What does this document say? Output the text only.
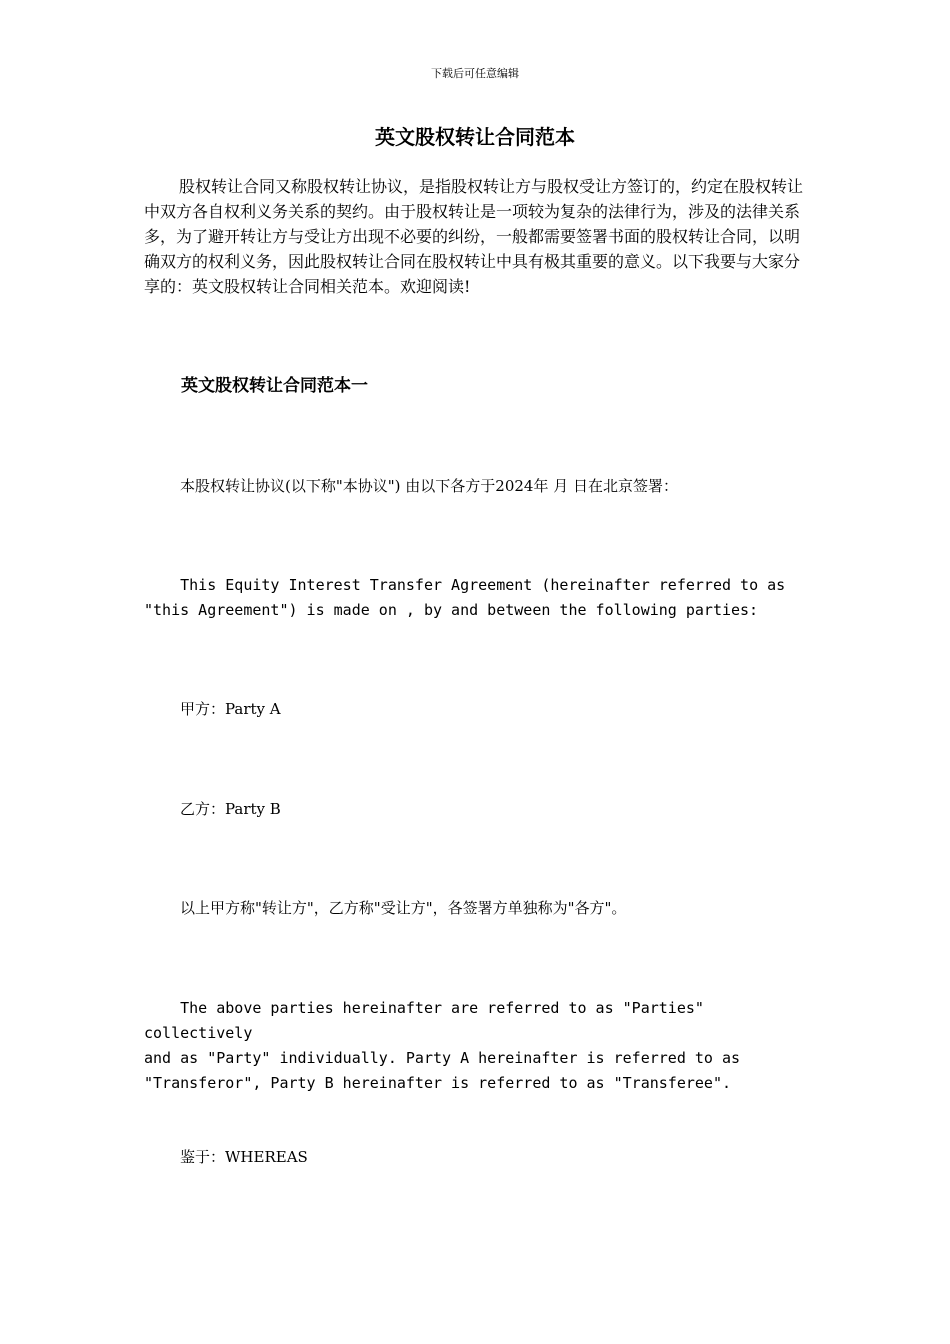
下载后可任意编辑
英文股权转让合同范本

股权转让合同又称股权转让协议，是指股权转让方与股权受让方签订的，约定在股权转让中双方各自权利义务关系的契约。由于股权转让是一项较为复杂的法律行为，涉及的法律关系多，为了避开转让方与受让方出现不必要的纠纷，一般都需要签署书面的股权转让合同，以明确双方的权利义务，因此股权转让合同在股权转让中具有极其重要的意义。以下我要与大家分享的：英文股权转让合同相关范本。欢迎阅读!

英文股权转让合同范本一

本股权转让协议(以下称"本协议") 由以下各方于2024年 月 日在北京签署：

This Equity Interest Transfer Agreement (hereinafter referred to as
"this Agreement") is made on , by and between the following parties:

甲方：Party A

乙方：Party B

以上甲方称"转让方"，乙方称"受让方"，各签署方单独称为"各方"。

The above parties hereinafter are referred to as "Parties" collectively
and as "Party" individually. Party A hereinafter is referred to as
"Transferor", Party B hereinafter is referred to as "Transferee".

鉴于：WHEREAS
